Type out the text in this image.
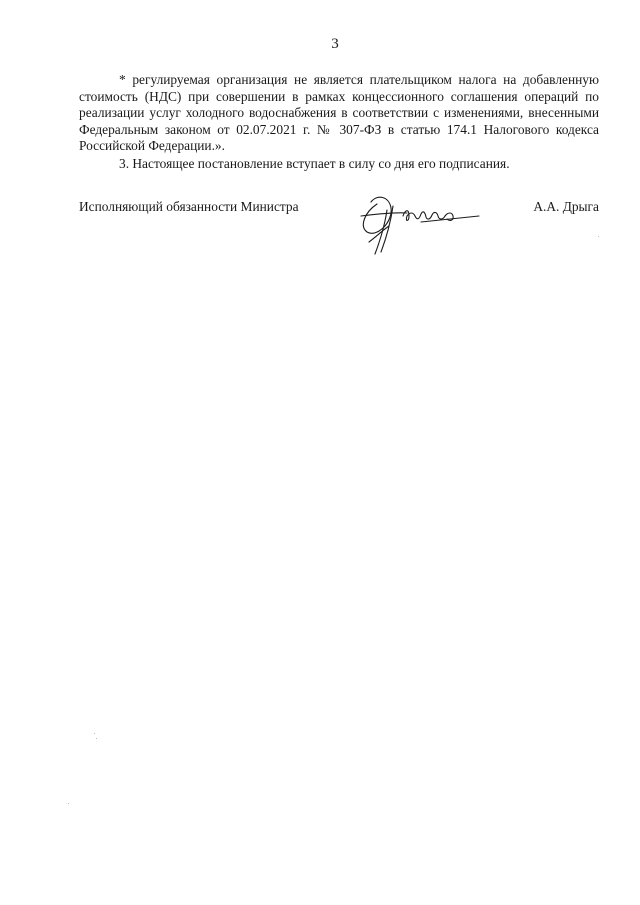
3

* регулируемая организация не является плательщиком налога на добавленную стоимость (НДС) при совершении в рамках концессионного соглашения операций по реализации услуг холодного водоснабжения в соответствии с изменениями, внесенными Федеральным законом от 02.07.2021 г. № 307-ФЗ в статью 174.1 Налогового кодекса Российской Федерации.».

3. Настоящее постановление вступает в силу со дня его подписания.

Исполняющий обязанности Министра	А.А. Дрыга
